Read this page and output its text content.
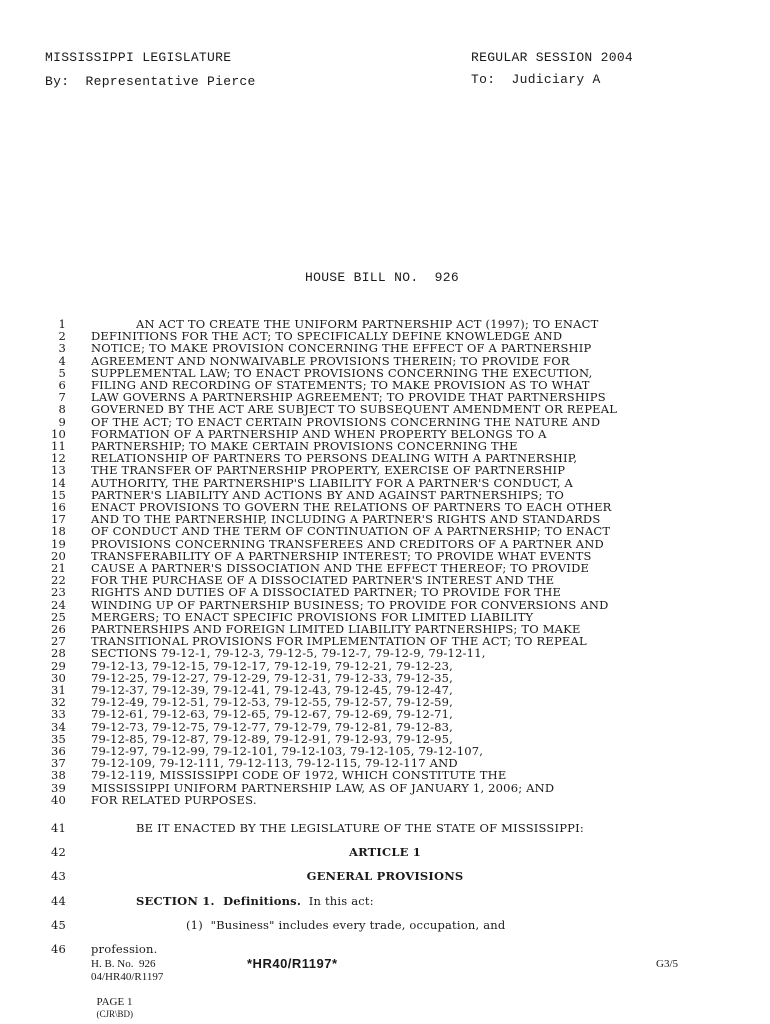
MISSISSIPPI LEGISLATURE	REGULAR SESSION 2004
By:  Representative Pierce	To:  Judiciary A
HOUSE BILL NO.  926
1	AN ACT TO CREATE THE UNIFORM PARTNERSHIP ACT (1997); TO ENACT
2 DEFINITIONS FOR THE ACT; TO SPECIFICALLY DEFINE KNOWLEDGE AND
3 NOTICE; TO MAKE PROVISION CONCERNING THE EFFECT OF A PARTNERSHIP
4 AGREEMENT AND NONWAIVABLE PROVISIONS THEREIN; TO PROVIDE FOR
5 SUPPLEMENTAL LAW; TO ENACT PROVISIONS CONCERNING THE EXECUTION,
6 FILING AND RECORDING OF STATEMENTS; TO MAKE PROVISION AS TO WHAT
7 LAW GOVERNS A PARTNERSHIP AGREEMENT; TO PROVIDE THAT PARTNERSHIPS
8 GOVERNED BY THE ACT ARE SUBJECT TO SUBSEQUENT AMENDMENT OR REPEAL
9 OF THE ACT; TO ENACT CERTAIN PROVISIONS CONCERNING THE NATURE AND
10 FORMATION OF A PARTNERSHIP AND WHEN PROPERTY BELONGS TO A
11 PARTNERSHIP; TO MAKE CERTAIN PROVISIONS CONCERNING THE
12 RELATIONSHIP OF PARTNERS TO PERSONS DEALING WITH A PARTNERSHIP,
13 THE TRANSFER OF PARTNERSHIP PROPERTY, EXERCISE OF PARTNERSHIP
14 AUTHORITY, THE PARTNERSHIP'S LIABILITY FOR A PARTNER'S CONDUCT, A
15 PARTNER'S LIABILITY AND ACTIONS BY AND AGAINST PARTNERSHIPS; TO
16 ENACT PROVISIONS TO GOVERN THE RELATIONS OF PARTNERS TO EACH OTHER
17 AND TO THE PARTNERSHIP, INCLUDING A PARTNER'S RIGHTS AND STANDARDS
18 OF CONDUCT AND THE TERM OF CONTINUATION OF A PARTNERSHIP; TO ENACT
19 PROVISIONS CONCERNING TRANSFEREES AND CREDITORS OF A PARTNER AND
20 TRANSFERABILITY OF A PARTNERSHIP INTEREST; TO PROVIDE WHAT EVENTS
21 CAUSE A PARTNER'S DISSOCIATION AND THE EFFECT THEREOF; TO PROVIDE
22 FOR THE PURCHASE OF A DISSOCIATED PARTNER'S INTEREST AND THE
23 RIGHTS AND DUTIES OF A DISSOCIATED PARTNER; TO PROVIDE FOR THE
24 WINDING UP OF PARTNERSHIP BUSINESS; TO PROVIDE FOR CONVERSIONS AND
25 MERGERS; TO ENACT SPECIFIC PROVISIONS FOR LIMITED LIABILITY
26 PARTNERSHIPS AND FOREIGN LIMITED LIABILITY PARTNERSHIPS; TO MAKE
27 TRANSITIONAL PROVISIONS FOR IMPLEMENTATION OF THE ACT; TO REPEAL
28 SECTIONS 79-12-1, 79-12-3, 79-12-5, 79-12-7, 79-12-9, 79-12-11,
29 79-12-13, 79-12-15, 79-12-17, 79-12-19, 79-12-21, 79-12-23,
30 79-12-25, 79-12-27, 79-12-29, 79-12-31, 79-12-33, 79-12-35,
31 79-12-37, 79-12-39, 79-12-41, 79-12-43, 79-12-45, 79-12-47,
32 79-12-49, 79-12-51, 79-12-53, 79-12-55, 79-12-57, 79-12-59,
33 79-12-61, 79-12-63, 79-12-65, 79-12-67, 79-12-69, 79-12-71,
34 79-12-73, 79-12-75, 79-12-77, 79-12-79, 79-12-81, 79-12-83,
35 79-12-85, 79-12-87, 79-12-89, 79-12-91, 79-12-93, 79-12-95,
36 79-12-97, 79-12-99, 79-12-101, 79-12-103, 79-12-105, 79-12-107,
37 79-12-109, 79-12-111, 79-12-113, 79-12-115, 79-12-117 AND
38 79-12-119, MISSISSIPPI CODE OF 1972, WHICH CONSTITUTE THE
39 MISSISSIPPI UNIFORM PARTNERSHIP LAW, AS OF JANUARY 1, 2006; AND
40 FOR RELATED PURPOSES.
41	BE IT ENACTED BY THE LEGISLATURE OF THE STATE OF MISSISSIPPI:
42	ARTICLE 1
43	GENERAL PROVISIONS
44	SECTION 1.  Definitions.  In this act:
45	(1)  "Business" includes every trade, occupation, and
46 profession.
H. B. No.  926	*HR40/R1197*	G3/5
04/HR40/R1197

PAGE 1
(CJR\BD)
